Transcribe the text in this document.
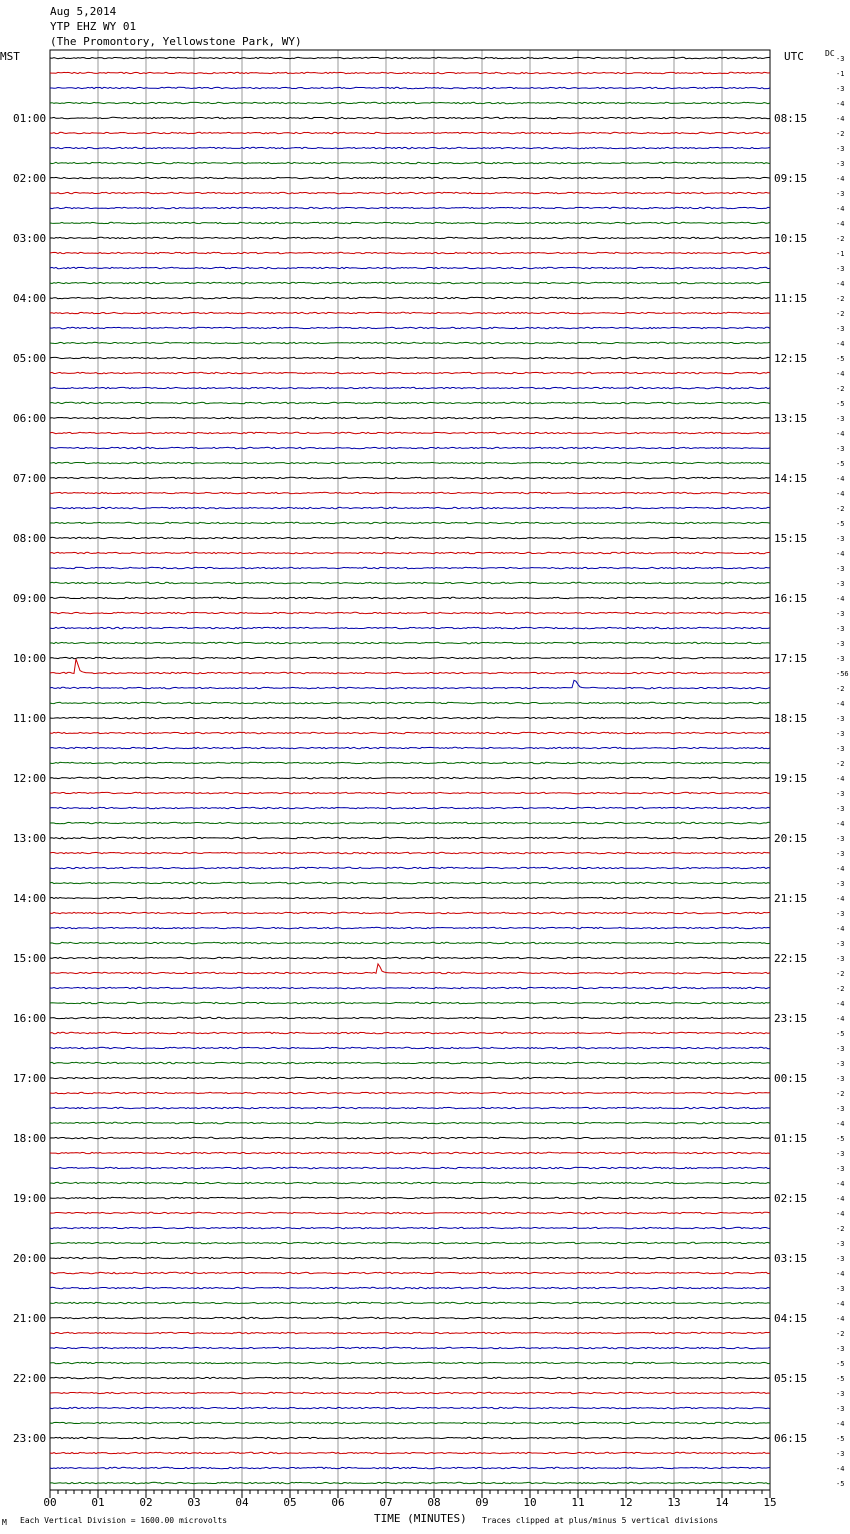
Aug 5,2014
YTP EHZ WY 01
(The Promontory, Yellowstone Park, WY)
MST	UTC	DC
-3
-1
-3
-4
-4
-2
-3
-3
-4
-3
-4
-4
-2
-1
-3
-4
-2
-2
-3
-4
-5
-4
-2
-5
-3
-4
-3
-5
-4
-4
-2
-5
-3
-4
-3
-3
-4
-3
-3
-3
-3
-56
-2
-4
-3
-3
-3
-2
-4
-3
-3
-4
-3
-3
-4
-3
-4
-3
-4
-3
-3
-2
-2
-4
-4
-5
-3
-3
-3
-2
-3
-4
-5
-3
-3
-4
-4
-4
-2
-3
-3
-4
-3
-4
-4
-2
-3
-5
-5
-3
-3
-4
-5
-3
-4
-5
01:00	08:15
02:00	09:15
03:00	10:15
04:00	11:15
05:00	12:15
06:00	13:15
07:00	14:15
08:00	15:15
09:00	16:15
10:00	17:15
11:00	18:15
12:00	19:15
13:00	20:15
14:00	21:15
15:00	22:15
16:00	23:15
17:00	00:15
18:00	01:15
19:00	02:15
20:00	03:15
21:00	04:15
22:00	05:15
23:00	06:15
00	01	02	03	04	05	06	07	08	09	10	11	12	13	14	15
M Each Vertical Division = 1600.00 microvolts	TIME (MINUTES) Traces clipped at plus/minus 5 vertical divisions
